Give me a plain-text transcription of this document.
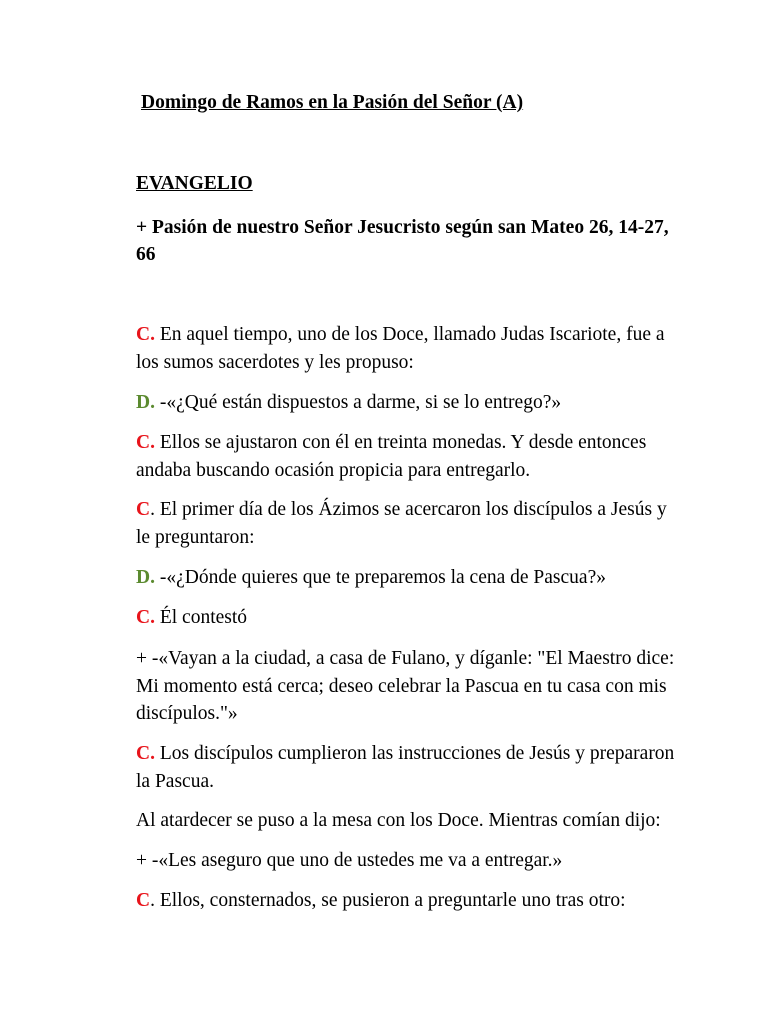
Domingo de Ramos en la Pasión del Señor (A)
EVANGELIO
+ Pasión de nuestro Señor Jesucristo según san Mateo 26, 14-27, 66
C. En aquel tiempo, uno de los Doce, llamado Judas Iscariote, fue a los sumos sacerdotes y les propuso:
D. -«¿Qué están dispuestos a darme, si se lo entrego?»
C. Ellos se ajustaron con él en treinta monedas. Y desde entonces andaba buscando ocasión propicia para entregarlo.
C. El primer día de los Ázimos se acercaron los discípulos a Jesús y le preguntaron:
D. -«¿Dónde quieres que te preparemos la cena de Pascua?»
C. Él contestó
+ -«Vayan a la ciudad, a casa de Fulano, y díganle: "El Maestro dice: Mi momento está cerca; deseo celebrar la Pascua en tu casa con mis discípulos."»
C. Los discípulos cumplieron las instrucciones de Jesús y prepararon la Pascua.
Al atardecer se puso a la mesa con los Doce. Mientras comían dijo:
+ -«Les aseguro que uno de ustedes me va a entregar.»
C. Ellos, consternados, se pusieron a preguntarle uno tras otro:
